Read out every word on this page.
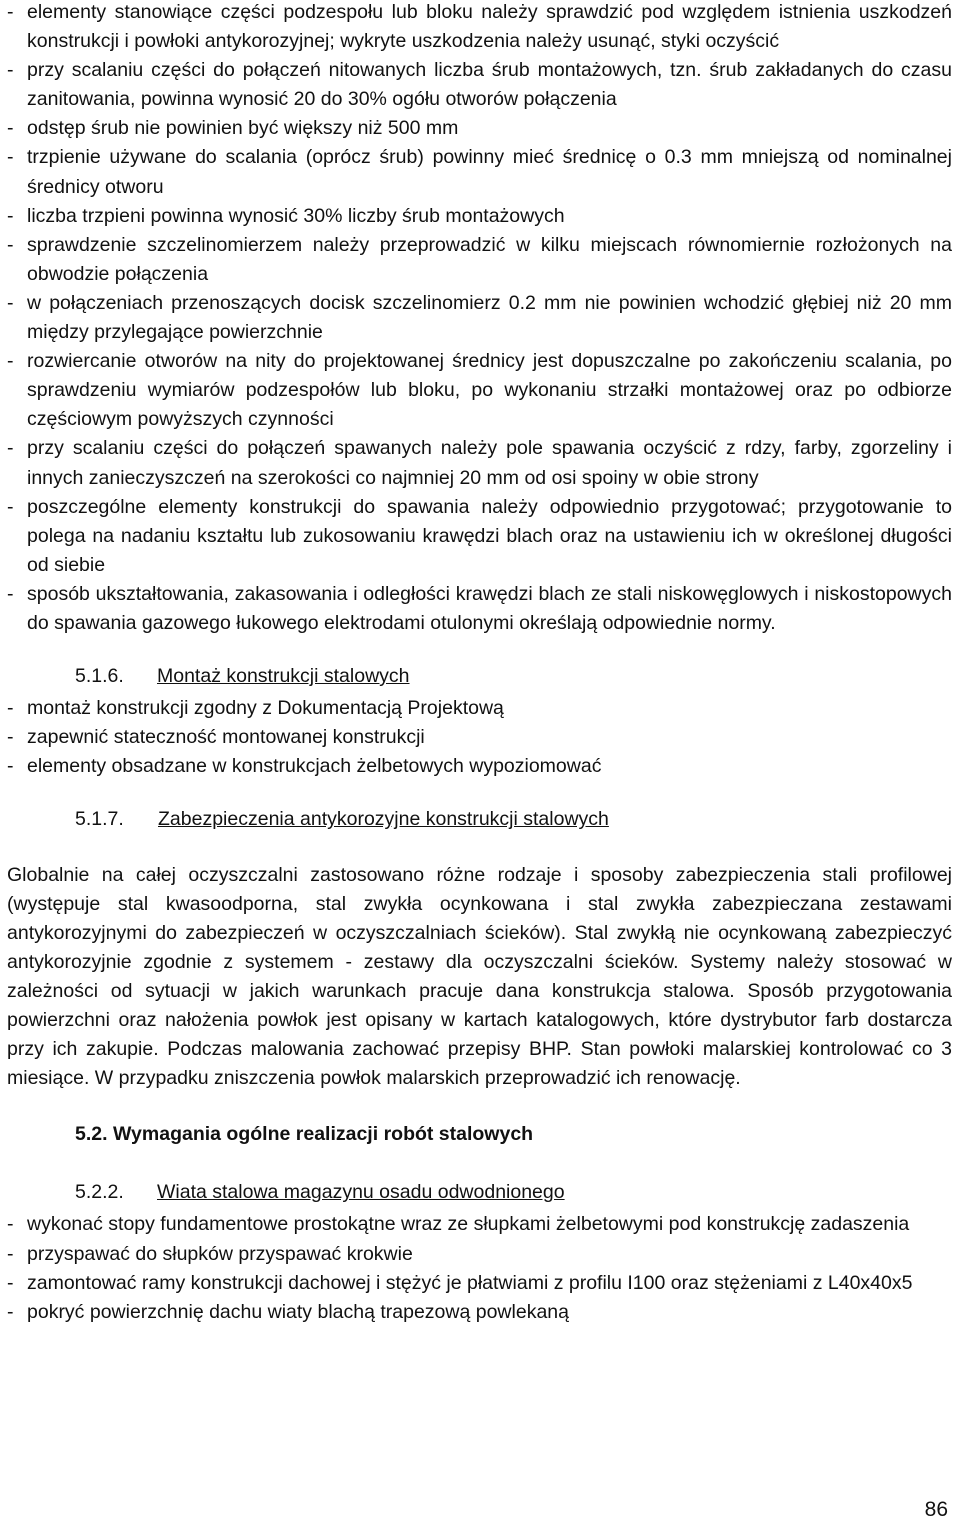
- elementy stanowiące części podzespołu lub bloku należy sprawdzić pod względem istnienia uszkodzeń konstrukcji i powłoki antykorozyjnej; wykryte uszkodzenia należy usunąć, styki oczyścić
- przy scalaniu części do połączeń nitowanych liczba śrub montażowych, tzn. śrub zakładanych do czasu zanitowania, powinna wynosić 20 do 30% ogółu otworów połączenia
- odstęp śrub nie powinien być większy niż 500 mm
- trzpienie używane do scalania (oprócz śrub) powinny mieć średnicę o 0.3 mm mniejszą od nominalnej średnicy otworu
- liczba trzpieni powinna wynosić 30% liczby śrub montażowych
- sprawdzenie szczelinomierzem należy przeprowadzić w kilku miejscach równomiernie rozłożonych na obwodzie połączenia
- w połączeniach przenoszących docisk szczelinomierz 0.2 mm nie powinien wchodzić głębiej niż 20 mm między przylegające powierzchnie
- rozwiercanie otworów na nity do projektowanej średnicy jest dopuszczalne po zakończeniu scalania, po sprawdzeniu wymiarów podzespołów lub bloku, po wykonaniu strzałki montażowej oraz po odbiorze częściowym powyższych czynności
- przy scalaniu części do połączeń spawanych należy pole spawania oczyścić z rdzy, farby, zgorzeliny i innych zanieczyszczeń na szerokości co najmniej 20 mm od osi spoiny w obie strony
- poszczególne elementy konstrukcji do spawania należy odpowiednio przygotować; przygotowanie to polega na nadaniu kształtu lub zukosowaniu krawędzi blach oraz na ustawieniu ich w określonej długości od siebie
- sposób ukształtowania, zakasowania i odległości krawędzi blach ze stali niskowęglowych i niskostopowych do spawania gazowego łukowego elektrodami otulonymi określają odpowiednie normy.
5.1.6. Montaż konstrukcji stalowych
- montaż konstrukcji zgodny z Dokumentacją Projektową
- zapewnić stateczność montowanej konstrukcji
- elementy obsadzane w konstrukcjach żelbetowych wypoziomować
5.1.7. Zabezpieczenia antykorozyjne konstrukcji stalowych

Globalnie na całej oczyszczalni zastosowano różne rodzaje i sposoby zabezpieczenia stali profilowej (występuje stal kwasoodporna, stal zwykła ocynkowana i stal zwykła zabezpieczana zestawami antykorozyjnymi do zabezpieczeń w oczyszczalniach ścieków). Stal zwykłą nie ocynkowaną zabezpieczyć antykorozyjnie zgodnie z systemem - zestawy dla oczyszczalni ścieków. Systemy należy stosować w zależności od sytuacji w jakich warunkach pracuje dana konstrukcja stalowa. Sposób przygotowania powierzchni oraz nałożenia powłok jest opisany w kartach katalogowych, które dystrybutor farb dostarcza przy ich zakupie. Podczas malowania zachować przepisy BHP. Stan powłoki malarskiej kontrolować co 3 miesiące. W przypadku zniszczenia powłok malarskich przeprowadzić ich renowację.

5.2. Wymagania ogólne realizacji robót stalowych
5.2.2. Wiata stalowa magazynu osadu odwodnionego
- wykonać stopy fundamentowe prostokątne wraz ze słupkami żelbetowymi pod konstrukcję zadaszenia
- przyspawać do słupków przyspawać krokwie
- zamontować ramy konstrukcji dachowej i stężyć je płatwiami z profilu I100 oraz stężeniami z L40x40x5
- pokryć powierzchnię dachu wiaty blachą trapezową powlekaną
86
